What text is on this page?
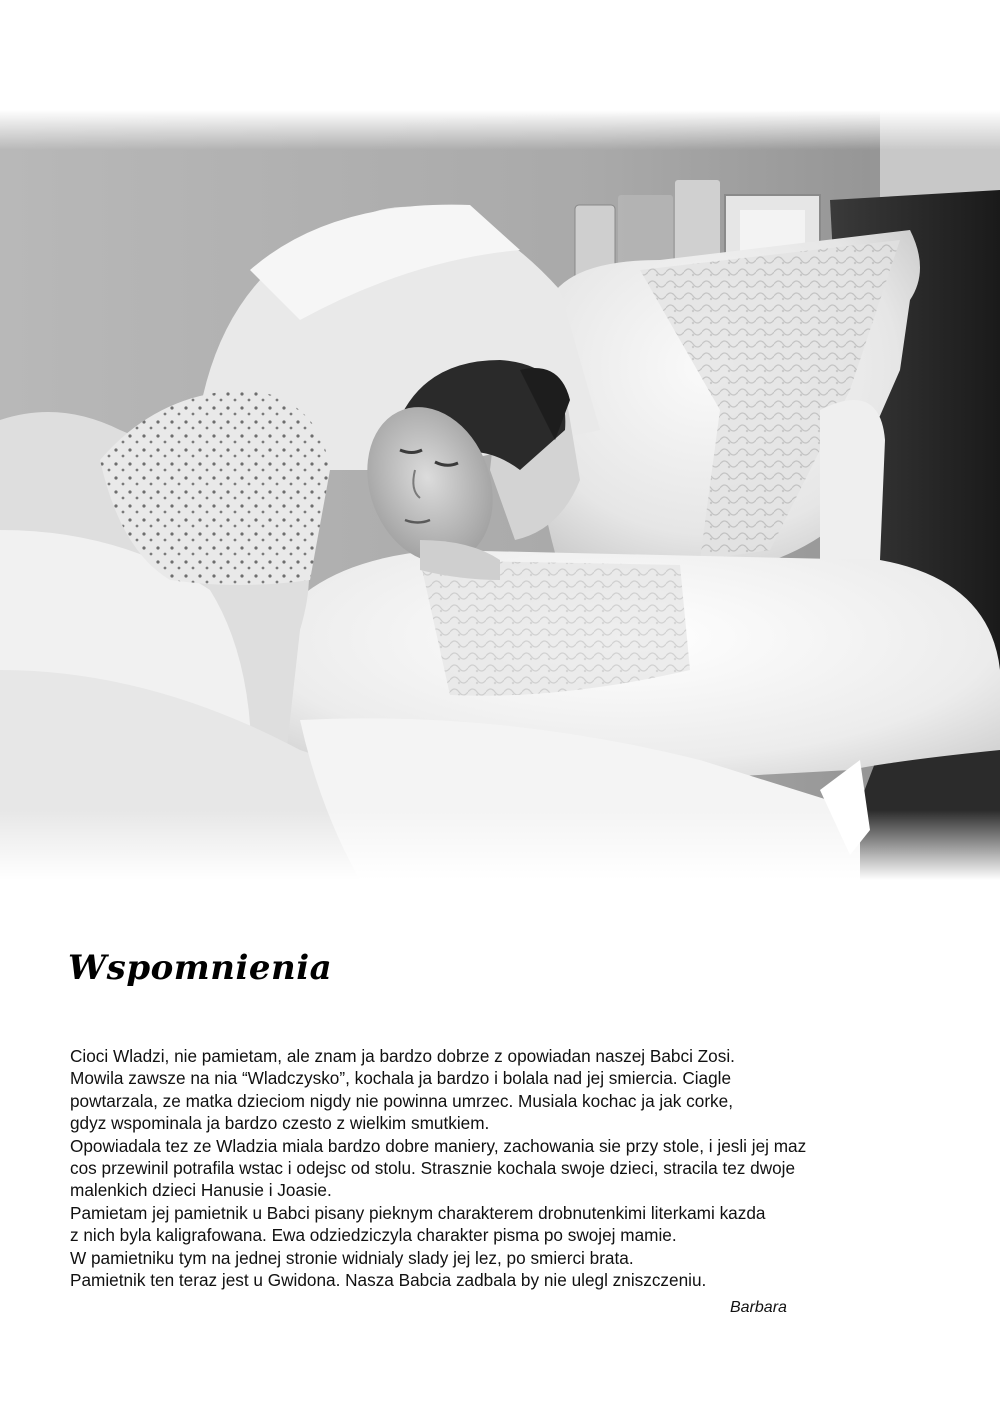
Wspomnienia

Cioci Wladzi, nie pamietam, ale znam ja bardzo dobrze z opowiadan naszej Babci Zosi.
Mowila zawsze na nia “Wladczysko”, kochala ja bardzo i bolala nad jej smiercia. Ciagle
powtarzala, ze matka dzieciom nigdy nie powinna umrzec. Musiala kochac ja jak corke,
gdyz wspominala ja bardzo czesto z wielkim smutkiem.
Opowiadala tez ze Wladzia miala bardzo dobre maniery, zachowania sie przy stole, i jesli jej maz
cos przewinil potrafila wstac i odejsc od stolu. Strasznie kochala swoje dzieci, stracila tez dwoje
malenkich dzieci Hanusie i Joasie.
Pamietam jej pamietnik u Babci pisany pieknym charakterem drobnutenkimi literkami kazda
z nich byla kaligrafowana. Ewa odziedziczyla charakter pisma po swojej mamie.
W pamietniku tym na jednej stronie widnialy slady jej lez, po smierci brata.
Pamietnik ten teraz jest u Gwidona. Nasza Babcia zadbala by nie ulegl zniszczeniu.

Barbara
